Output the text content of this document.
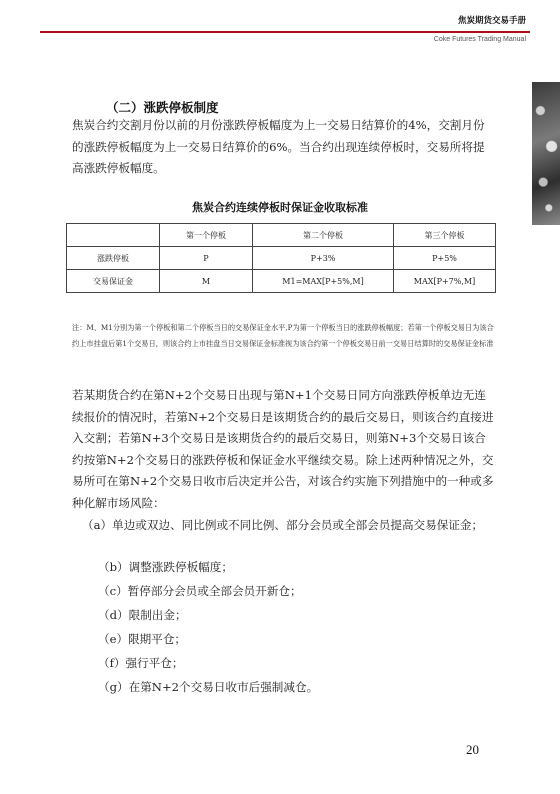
焦炭期货交易手册
Coke Futures Trading Manual
（二）涨跌停板制度
焦炭合约交割月份以前的月份涨跌停板幅度为上一交易日结算价的4%，交割月份的涨跌停板幅度为上一交易日结算价的6%。当合约出现连续停板时，交易所将提高涨跌停板幅度。
焦炭合约连续停板时保证金收取标准
	第一个停板	第二个停板	第三个停板
涨跌停板	P	P+3%	P+5%
交易保证金	M	M1=MAX[P+5%,M]	MAX[P+7%,M]
注：M、M1分别为第一个停板和第二个停板当日的交易保证金水平,P为第一个停板当日的涨跌停板幅度；若第一个停板交易日为该合约上市挂盘后第1个交易日，则该合约上市挂盘当日交易保证金标准视为该合约第一个停板交易日前一交易日结算时的交易保证金标准
若某期货合约在第N+2个交易日出现与第N+1个交易日同方向涨跌停板单边无连续报价的情况时，若第N+2个交易日是该期货合约的最后交易日，则该合约直接进入交割；若第N+3个交易日是该期货合约的最后交易日，则第N+3个交易日该合约按第N+2个交易日的涨跌停板和保证金水平继续交易。除上述两种情况之外，交易所可在第N+2个交易日收市后决定并公告，对该合约实施下列措施中的一种或多种化解市场风险：
（a）单边或双边、同比例或不同比例、部分会员或全部会员提高交易保证金；
（b）调整涨跌停板幅度；
（c）暂停部分会员或全部会员开新仓；
（d）限制出金；
（e）限期平仓；
（f）强行平仓；
（g）在第N+2个交易日收市后强制减仓。
20
